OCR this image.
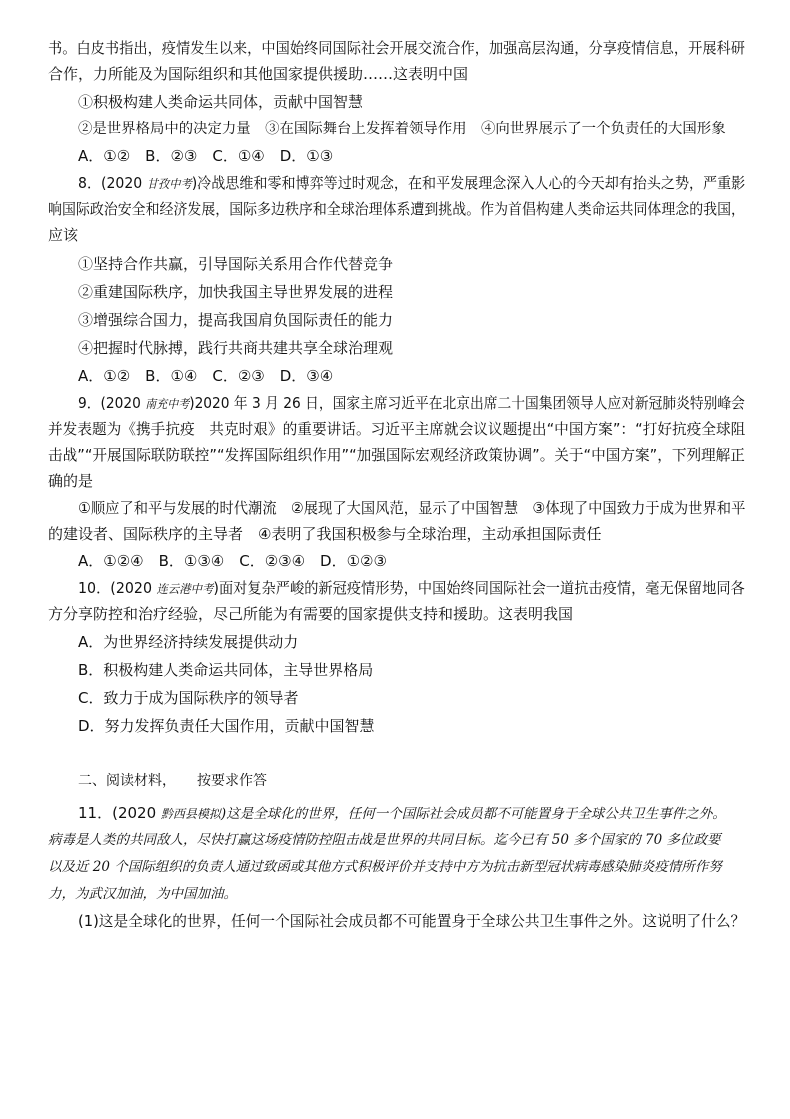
书。白皮书指出，疫情发生以来，中国始终同国际社会开展交流合作，加强高层沟通，分享疫情信息，开展科研
合作，力所能及为国际组织和其他国家提供援助……这表明中国
①积极构建人类命运共同体，贡献中国智慧
②是世界格局中的决定力量　③在国际舞台上发挥着领导作用　④向世界展示了一个负责任的大国形象
A．①②　B．②③　C．①④　D．①③
8．(2020 甘孜中考)冷战思维和零和博弈等过时观念，在和平发展理念深入人心的今天却有抬头之势，严重影
响国际政治安全和经济发展，国际多边秩序和全球治理体系遭到挑战。作为首倡构建人类命运共同体理念的我国，
应该
①坚持合作共赢，引导国际关系用合作代替竞争
②重建国际秩序，加快我国主导世界发展的进程
③增强综合国力，提高我国肩负国际责任的能力
④把握时代脉搏，践行共商共建共享全球治理观
A．①②　B．①④　C．②③　D．③④
9．(2020 南充中考)2020 年 3 月 26 日，国家主席习近平在北京出席二十国集团领导人应对新冠肺炎特别峰会
并发表题为《携手抗疫　共克时艰》的重要讲话。习近平主席就会议议题提出“中国方案”：“打好抗疫全球阻
击战”“开展国际联防联控”“发挥国际组织作用”“加强国际宏观经济政策协调”。关于“中国方案”，下列理解正
确的是
①顺应了和平与发展的时代潮流　②展现了大国风范，显示了中国智慧　③体现了中国致力于成为世界和平
的建设者、国际秩序的主导者　④表明了我国积极参与全球治理，主动承担国际责任
A．①②④　B．①③④　C．②③④　D．①②③
10．(2020 连云港中考)面对复杂严峻的新冠疫情形势，中国始终同国际社会一道抗击疫情，毫无保留地同各
方分享防控和治疗经验，尽己所能为有需要的国家提供支持和援助。这表明我国
A．为世界经济持续发展提供动力
B．积极构建人类命运共同体，主导世界格局
C．致力于成为国际秩序的领导者
D．努力发挥负责任大国作用，贡献中国智慧
二、阅读材料，　　按要求作答
11．(2020 黔西县模拟)这是全球化的世界，任何一个国际社会成员都不可能置身于全球公共卫生事件之外。
病毒是人类的共同敌人，尽快打赢这场疫情防控阻击战是世界的共同目标。迄今已有 50 多个国家的 70 多位政要
以及近 20 个国际组织的负责人通过致函或其他方式积极评价并支持中方为抗击新型冠状病毒感染肺炎疫情所作努
力，为武汉加油，为中国加油。
(1)这是全球化的世界，任何一个国际社会成员都不可能置身于全球公共卫生事件之外。这说明了什么？
